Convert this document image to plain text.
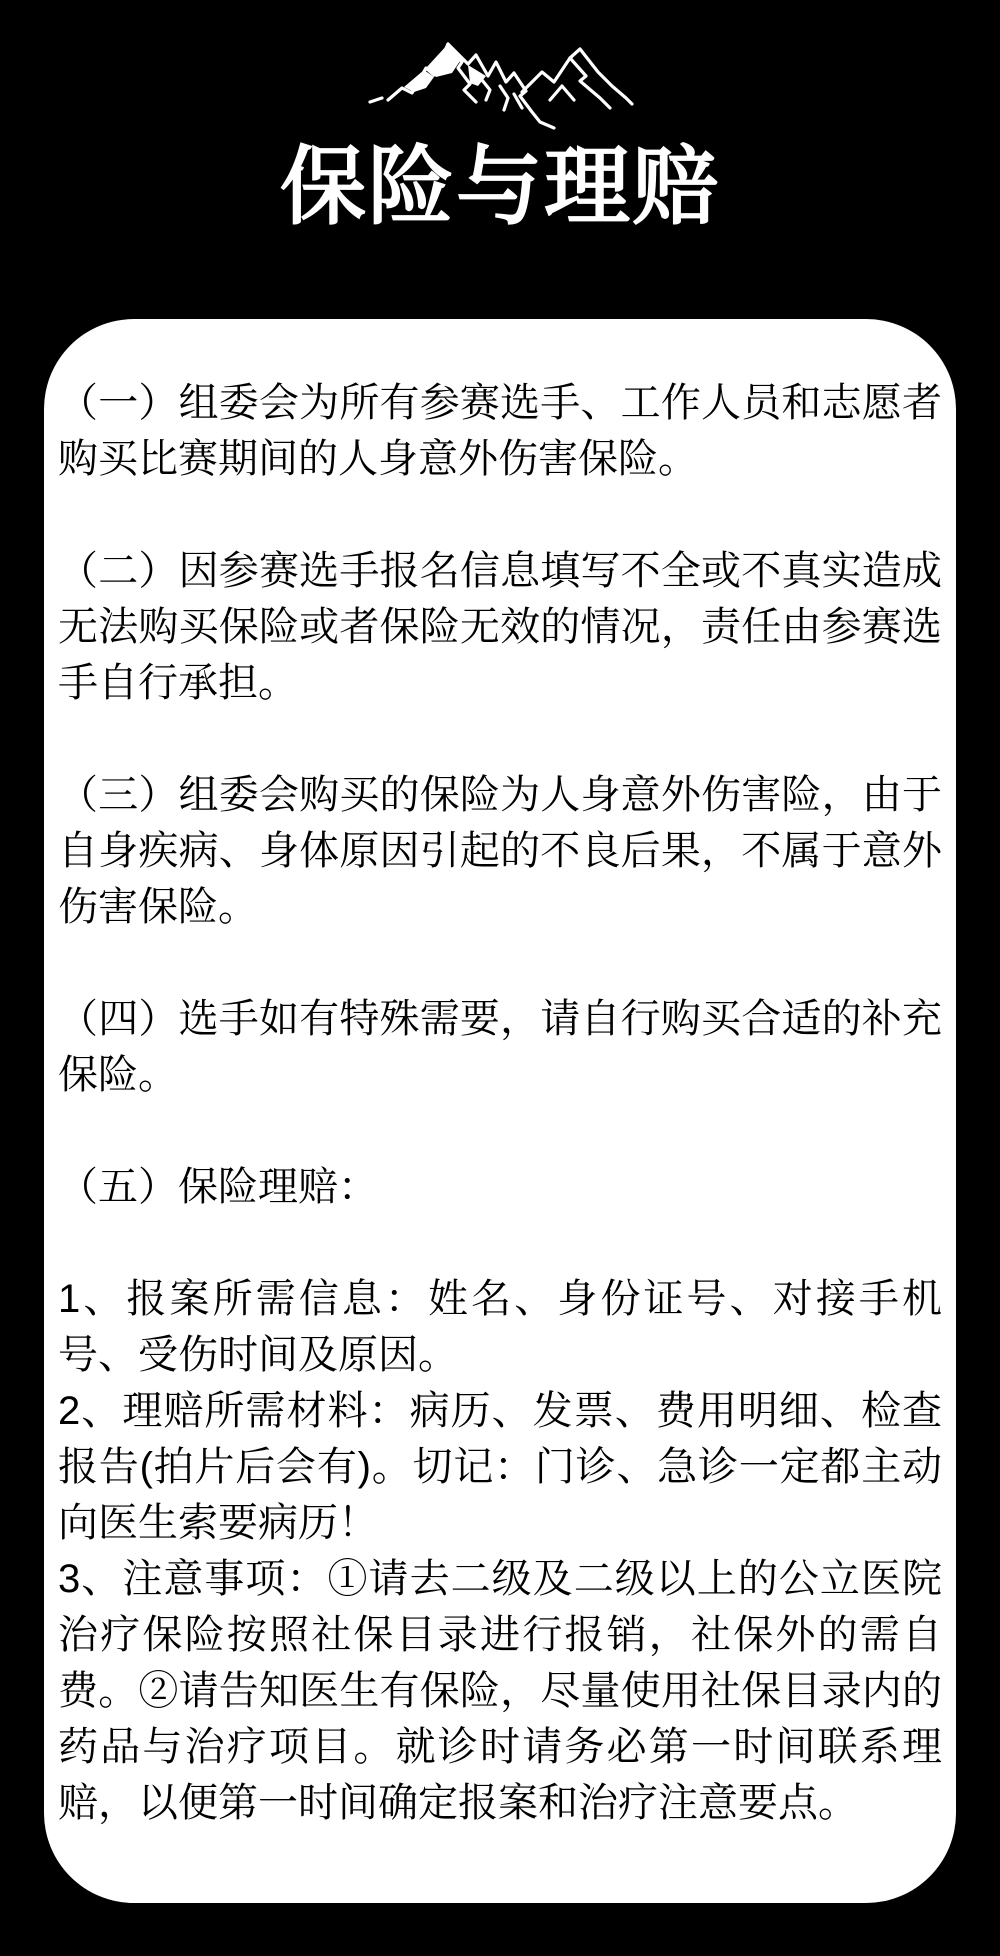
保险与理赔

（一）组委会为所有参赛选手、工作人员和志愿者购买比赛期间的人身意外伤害保险。

（二）因参赛选手报名信息填写不全或不真实造成无法购买保险或者保险无效的情况，责任由参赛选手自行承担。

（三）组委会购买的保险为人身意外伤害险，由于自身疾病、身体原因引起的不良后果，不属于意外伤害保险。

（四）选手如有特殊需要，请自行购买合适的补充保险。

（五）保险理赔：

1、报案所需信息：姓名、身份证号、对接手机号、受伤时间及原因。

2、理赔所需材料：病历、发票、费用明细、检查报告(拍片后会有)。切记：门诊、急诊一定都主动向医生索要病历！

3、注意事项：①请去二级及二级以上的公立医院治疗保险按照社保目录进行报销，社保外的需自费。②请告知医生有保险，尽量使用社保目录内的药品与治疗项目。就诊时请务必第一时间联系理赔，以便第一时间确定报案和治疗注意要点。
